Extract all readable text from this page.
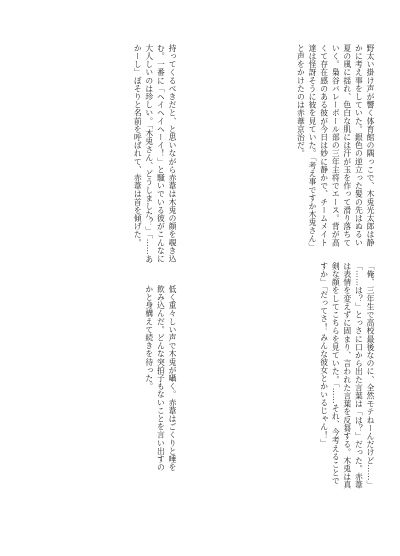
野太い掛け声が響く体育館の隅っこで、木兎光太郎は静かに考え事をしていた。銀色の逆立った髪の先はぬるい夏の風に揺れ、色白な肌には汗が玉を作って滑り落ちていく。梟谷バレーボール部の三年主将でエース。背が高くて存在感のある彼が今日は妙に静かで、チームメイト達は怪訝そうに彼を見ていた。「考え事ですか木兎さん」と声をかけたのは赤葦京治だ。

「俺、三年生で高校最後なのに、全然モテねーんだけど……」「……は？」とっさに口から出た言葉は「は？」だった。赤葦は表情を変えずに固まり、言われた言葉を反芻する。木兎は真剣な顔をしてこちらを見ていた。「……それ、今考えることですか」「だってさ！ みんな彼女とかいるじゃん！」

持ってくるべきだと、と思いながら赤葦は木兎の顔を覗き込む。一番に「ヘイヘイヘーイ！」と騒いでいる彼がこんなに大人しいのは珍しい。「木兎さん、どうしました？」「……あかーし」ぼそりと名前を呼ばれて、赤葦は首を傾げた。

低く重々しい声で木兎が囁く。赤葦はごくりと唾を飲み込んだ。どんな突拍子もないことを言い出すのかと身構えて続きを待った。
